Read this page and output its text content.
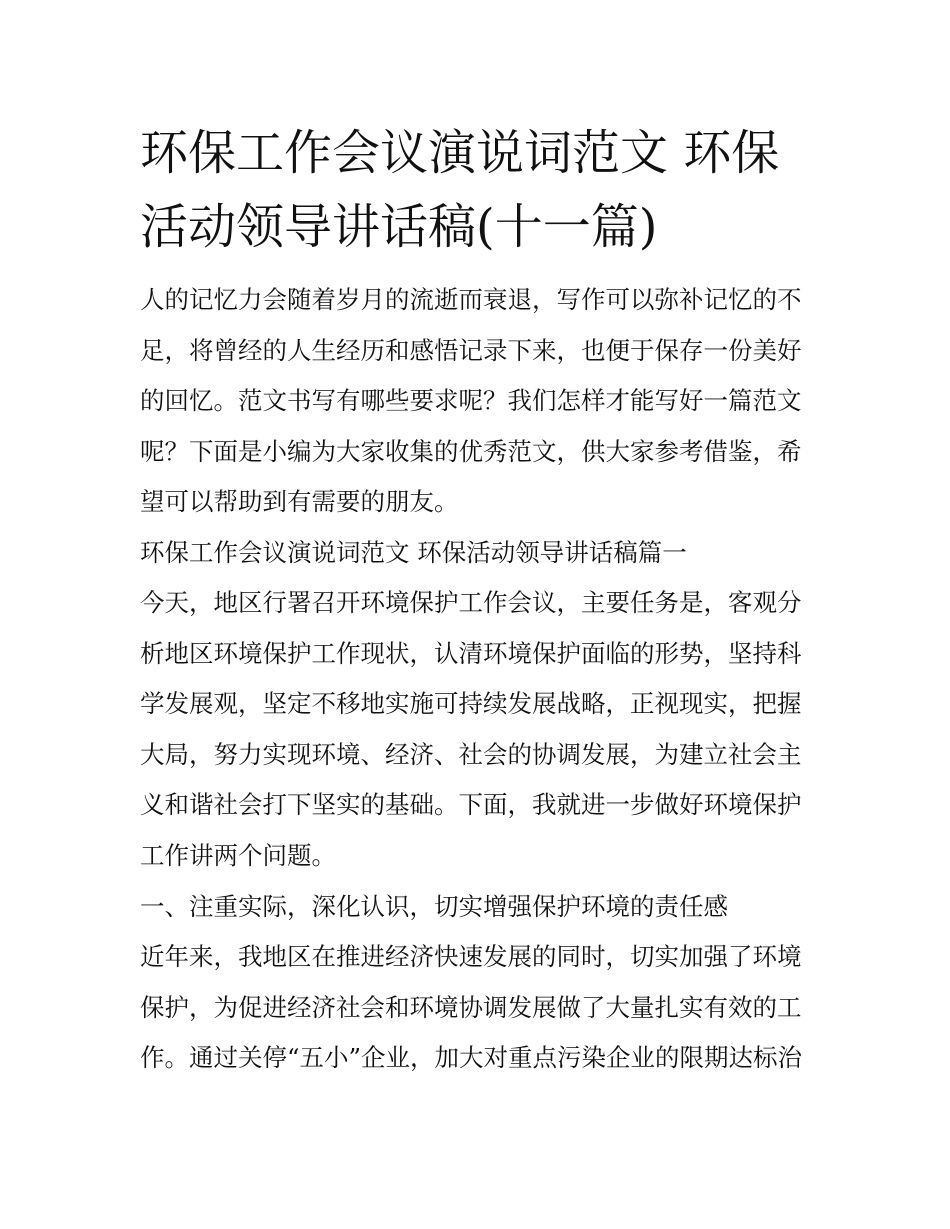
环保工作会议演说词范文 环保
活动领导讲话稿(十一篇)
人的记忆力会随着岁月的流逝而衰退，写作可以弥补记忆的不
足，将曾经的人生经历和感悟记录下来，也便于保存一份美好
的回忆。范文书写有哪些要求呢？我们怎样才能写好一篇范文
呢？下面是小编为大家收集的优秀范文，供大家参考借鉴，希
望可以帮助到有需要的朋友。
环保工作会议演说词范文 环保活动领导讲话稿篇一
今天，地区行署召开环境保护工作会议，主要任务是，客观分
析地区环境保护工作现状，认清环境保护面临的形势，坚持科
学发展观，坚定不移地实施可持续发展战略，正视现实，把握
大局，努力实现环境、经济、社会的协调发展，为建立社会主
义和谐社会打下坚实的基础。下面，我就进一步做好环境保护
工作讲两个问题。
一、注重实际，深化认识，切实增强保护环境的责任感
近年来，我地区在推进经济快速发展的同时，切实加强了环境
保护，为促进经济社会和环境协调发展做了大量扎实有效的工
作。通过关停“五小”企业，加大对重点污染企业的限期达标治
